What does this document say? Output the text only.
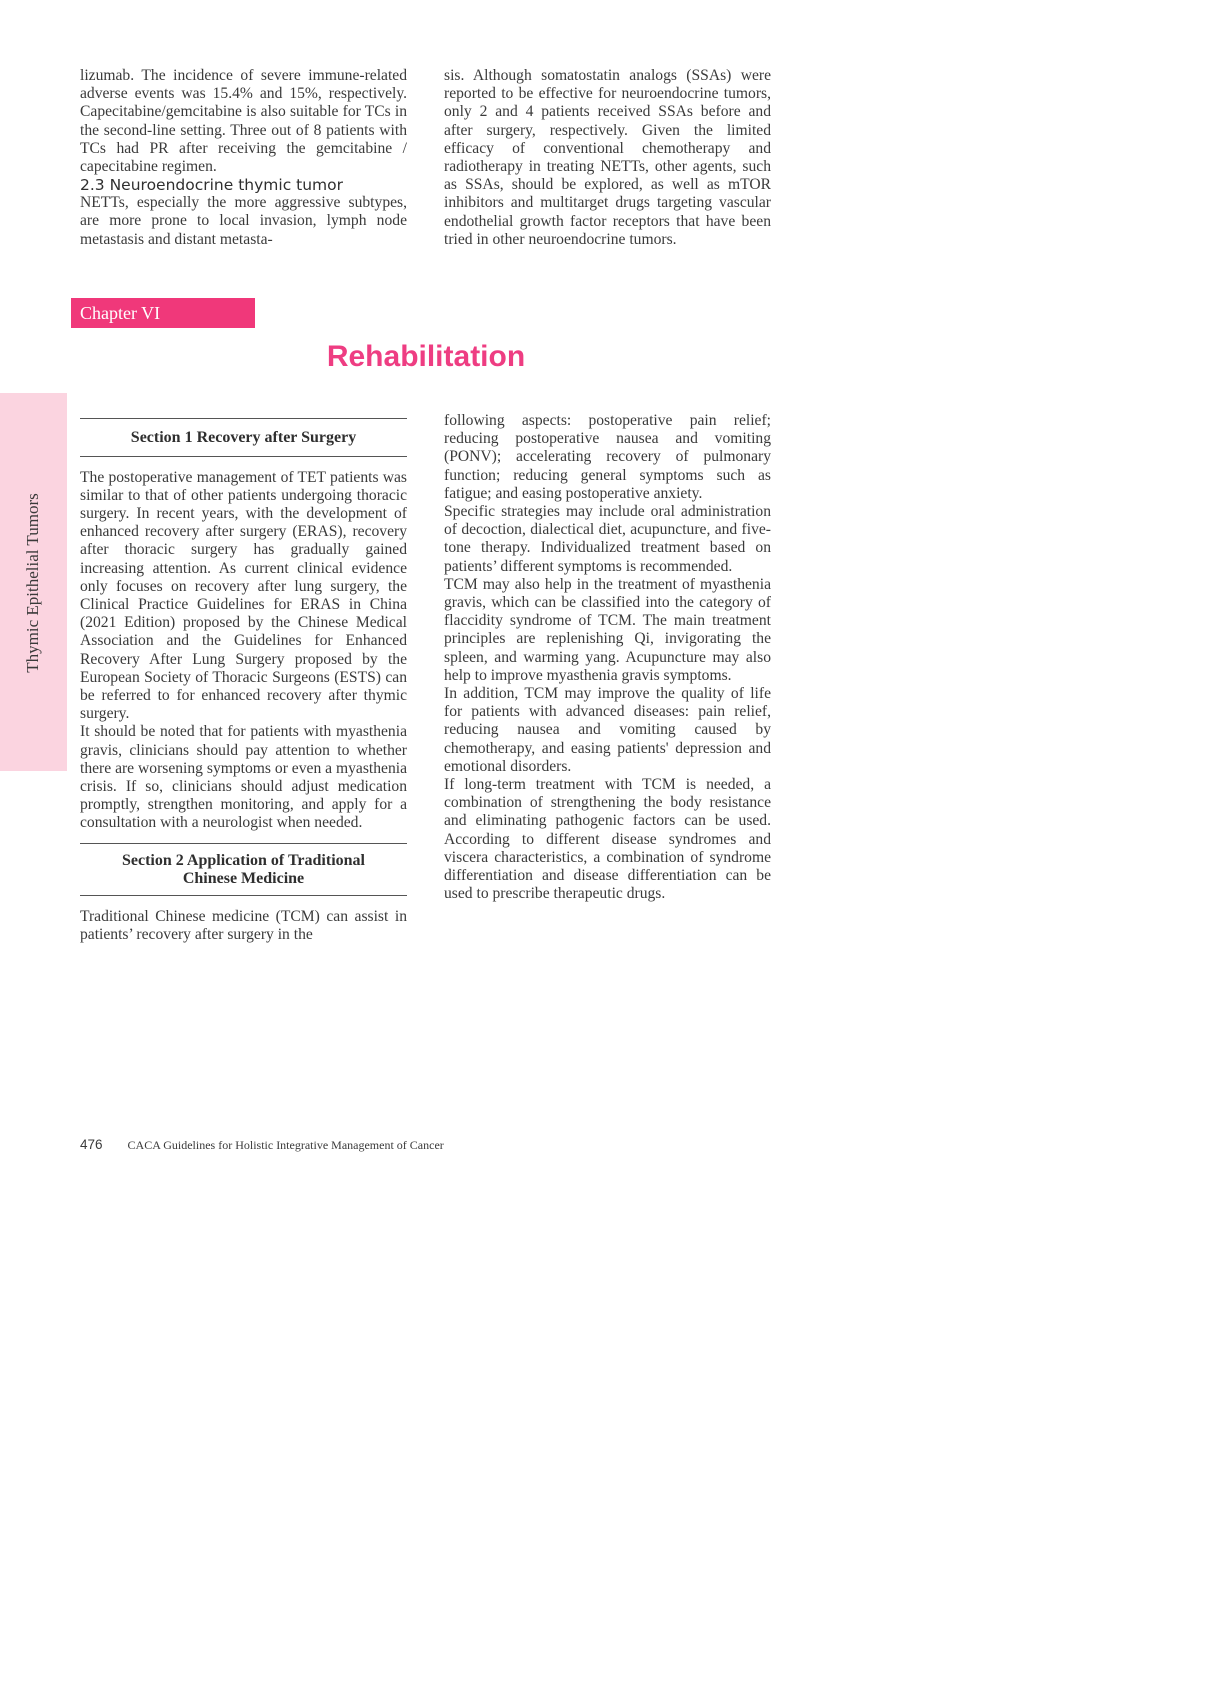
lizumab. The incidence of severe immune-related adverse events was 15.4% and 15%, respectively. Capecitabine/gemcitabine is also suitable for TCs in the second-line setting. Three out of 8 patients with TCs had PR after receiving the gemcitabine / capecitabine regimen.

2.3 Neuroendocrine thymic tumor

NETTs, especially the more aggressive subtypes, are more prone to local invasion, lymph node metastasis and distant metasta-

sis. Although somatostatin analogs (SSAs) were reported to be effective for neuroendocrine tumors, only 2 and 4 patients received SSAs before and after surgery, respectively. Given the limited efficacy of conventional chemotherapy and radiotherapy in treating NETTs, other agents, such as SSAs, should be explored, as well as mTOR inhibitors and multitarget drugs targeting vascular endothelial growth factor receptors that have been tried in other neuroendocrine tumors.

Chapter VI
Rehabilitation
Thymic Epithelial Tumors
Section 1 Recovery after Surgery

The postoperative management of TET patients was similar to that of other patients undergoing thoracic surgery. In recent years, with the development of enhanced recovery after surgery (ERAS), recovery after thoracic surgery has gradually gained increasing attention. As current clinical evidence only focuses on recovery after lung surgery, the Clinical Practice Guidelines for ERAS in China (2021 Edition) proposed by the Chinese Medical Association and the Guidelines for Enhanced Recovery After Lung Surgery proposed by the European Society of Thoracic Surgeons (ESTS) can be referred to for enhanced recovery after thymic surgery.

It should be noted that for patients with myasthenia gravis, clinicians should pay attention to whether there are worsening symptoms or even a myasthenia crisis. If so, clinicians should adjust medication promptly, strengthen monitoring, and apply for a consultation with a neurologist when needed.

Section 2 Application of Traditional
Chinese Medicine

Traditional Chinese medicine (TCM) can assist in patients’ recovery after surgery in the

following aspects: postoperative pain relief; reducing postoperative nausea and vomiting (PONV); accelerating recovery of pulmonary function; reducing general symptoms such as fatigue; and easing postoperative anxiety.

Specific strategies may include oral administration of decoction, dialectical diet, acupuncture, and five-tone therapy. Individualized treatment based on patients’ different symptoms is recommended.

TCM may also help in the treatment of myasthenia gravis, which can be classified into the category of flaccidity syndrome of TCM. The main treatment principles are replenishing Qi, invigorating the spleen, and warming yang. Acupuncture may also help to improve myasthenia gravis symptoms.

In addition, TCM may improve the quality of life for patients with advanced diseases: pain relief, reducing nausea and vomiting caused by chemotherapy, and easing patients' depression and emotional disorders.

If long-term treatment with TCM is needed, a combination of strengthening the body resistance and eliminating pathogenic factors can be used. According to different disease syndromes and viscera characteristics, a combination of syndrome differentiation and disease differentiation can be used to prescribe therapeutic drugs.

476 CACA Guidelines for Holistic Integrative Management of Cancer
